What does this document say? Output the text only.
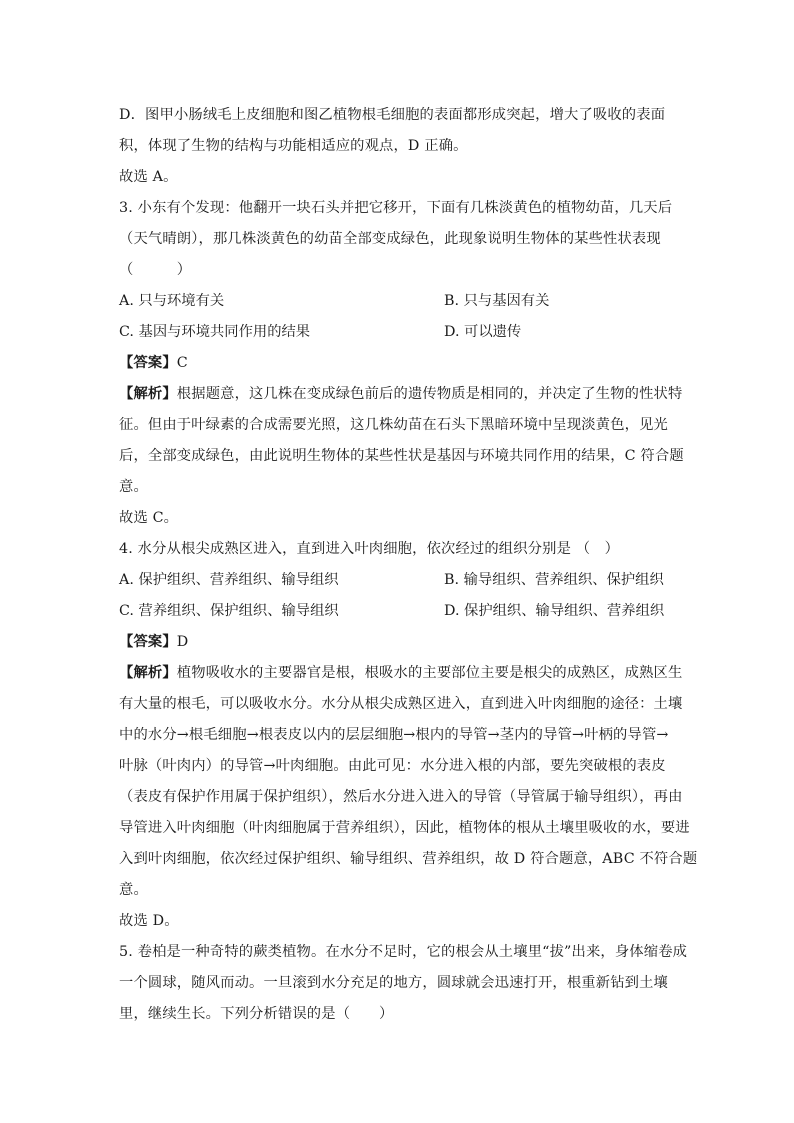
D．图甲小肠绒毛上皮细胞和图乙植物根毛细胞的表面都形成突起，增大了吸收的表面
积，体现了生物的结构与功能相适应的观点，D 正确。
故选 A。
3. 小东有个发现：他翻开一块石头并把它移开，下面有几株淡黄色的植物幼苗，几天后
（天气晴朗），那几株淡黄色的幼苗全部变成绿色，此现象说明生物体的某些性状表现
（　　　）
A. 只与环境有关	B. 只与基因有关
C. 基因与环境共同作用的结果	D. 可以遗传
【答案】C
【解析】根据题意，这几株在变成绿色前后的遗传物质是相同的，并决定了生物的性状特
征。但由于叶绿素的合成需要光照，这几株幼苗在石头下黑暗环境中呈现淡黄色，见光
后，全部变成绿色，由此说明生物体的某些性状是基因与环境共同作用的结果，C 符合题
意。
故选 C。
4. 水分从根尖成熟区进入，直到进入叶肉细胞，依次经过的组织分别是 （　）
A. 保护组织、营养组织、输导组织	B. 输导组织、营养组织、保护组织
C. 营养组织、保护组织、输导组织	D. 保护组织、输导组织、营养组织
【答案】D
【解析】植物吸收水的主要器官是根，根吸水的主要部位主要是根尖的成熟区，成熟区生
有大量的根毛，可以吸收水分。水分从根尖成熟区进入，直到进入叶肉细胞的途径：土壤
中的水分→根毛细胞→根表皮以内的层层细胞→根内的导管→茎内的导管→叶柄的导管→
叶脉（叶肉内）的导管→叶肉细胞。由此可见：水分进入根的内部，要先突破根的表皮
（表皮有保护作用属于保护组织），然后水分进入进入的导管（导管属于输导组织），再由
导管进入叶肉细胞（叶肉细胞属于营养组织），因此，植物体的根从土壤里吸收的水，要进
入到叶肉细胞，依次经过保护组织、输导组织、营养组织，故 D 符合题意，ABC 不符合题
意。
故选 D。
5. 卷柏是一种奇特的蕨类植物。在水分不足时，它的根会从土壤里“拔”出来，身体缩卷成
一个圆球，随风而动。一旦滚到水分充足的地方，圆球就会迅速打开，根重新钻到土壤
里，继续生长。下列分析错误的是（　　）
